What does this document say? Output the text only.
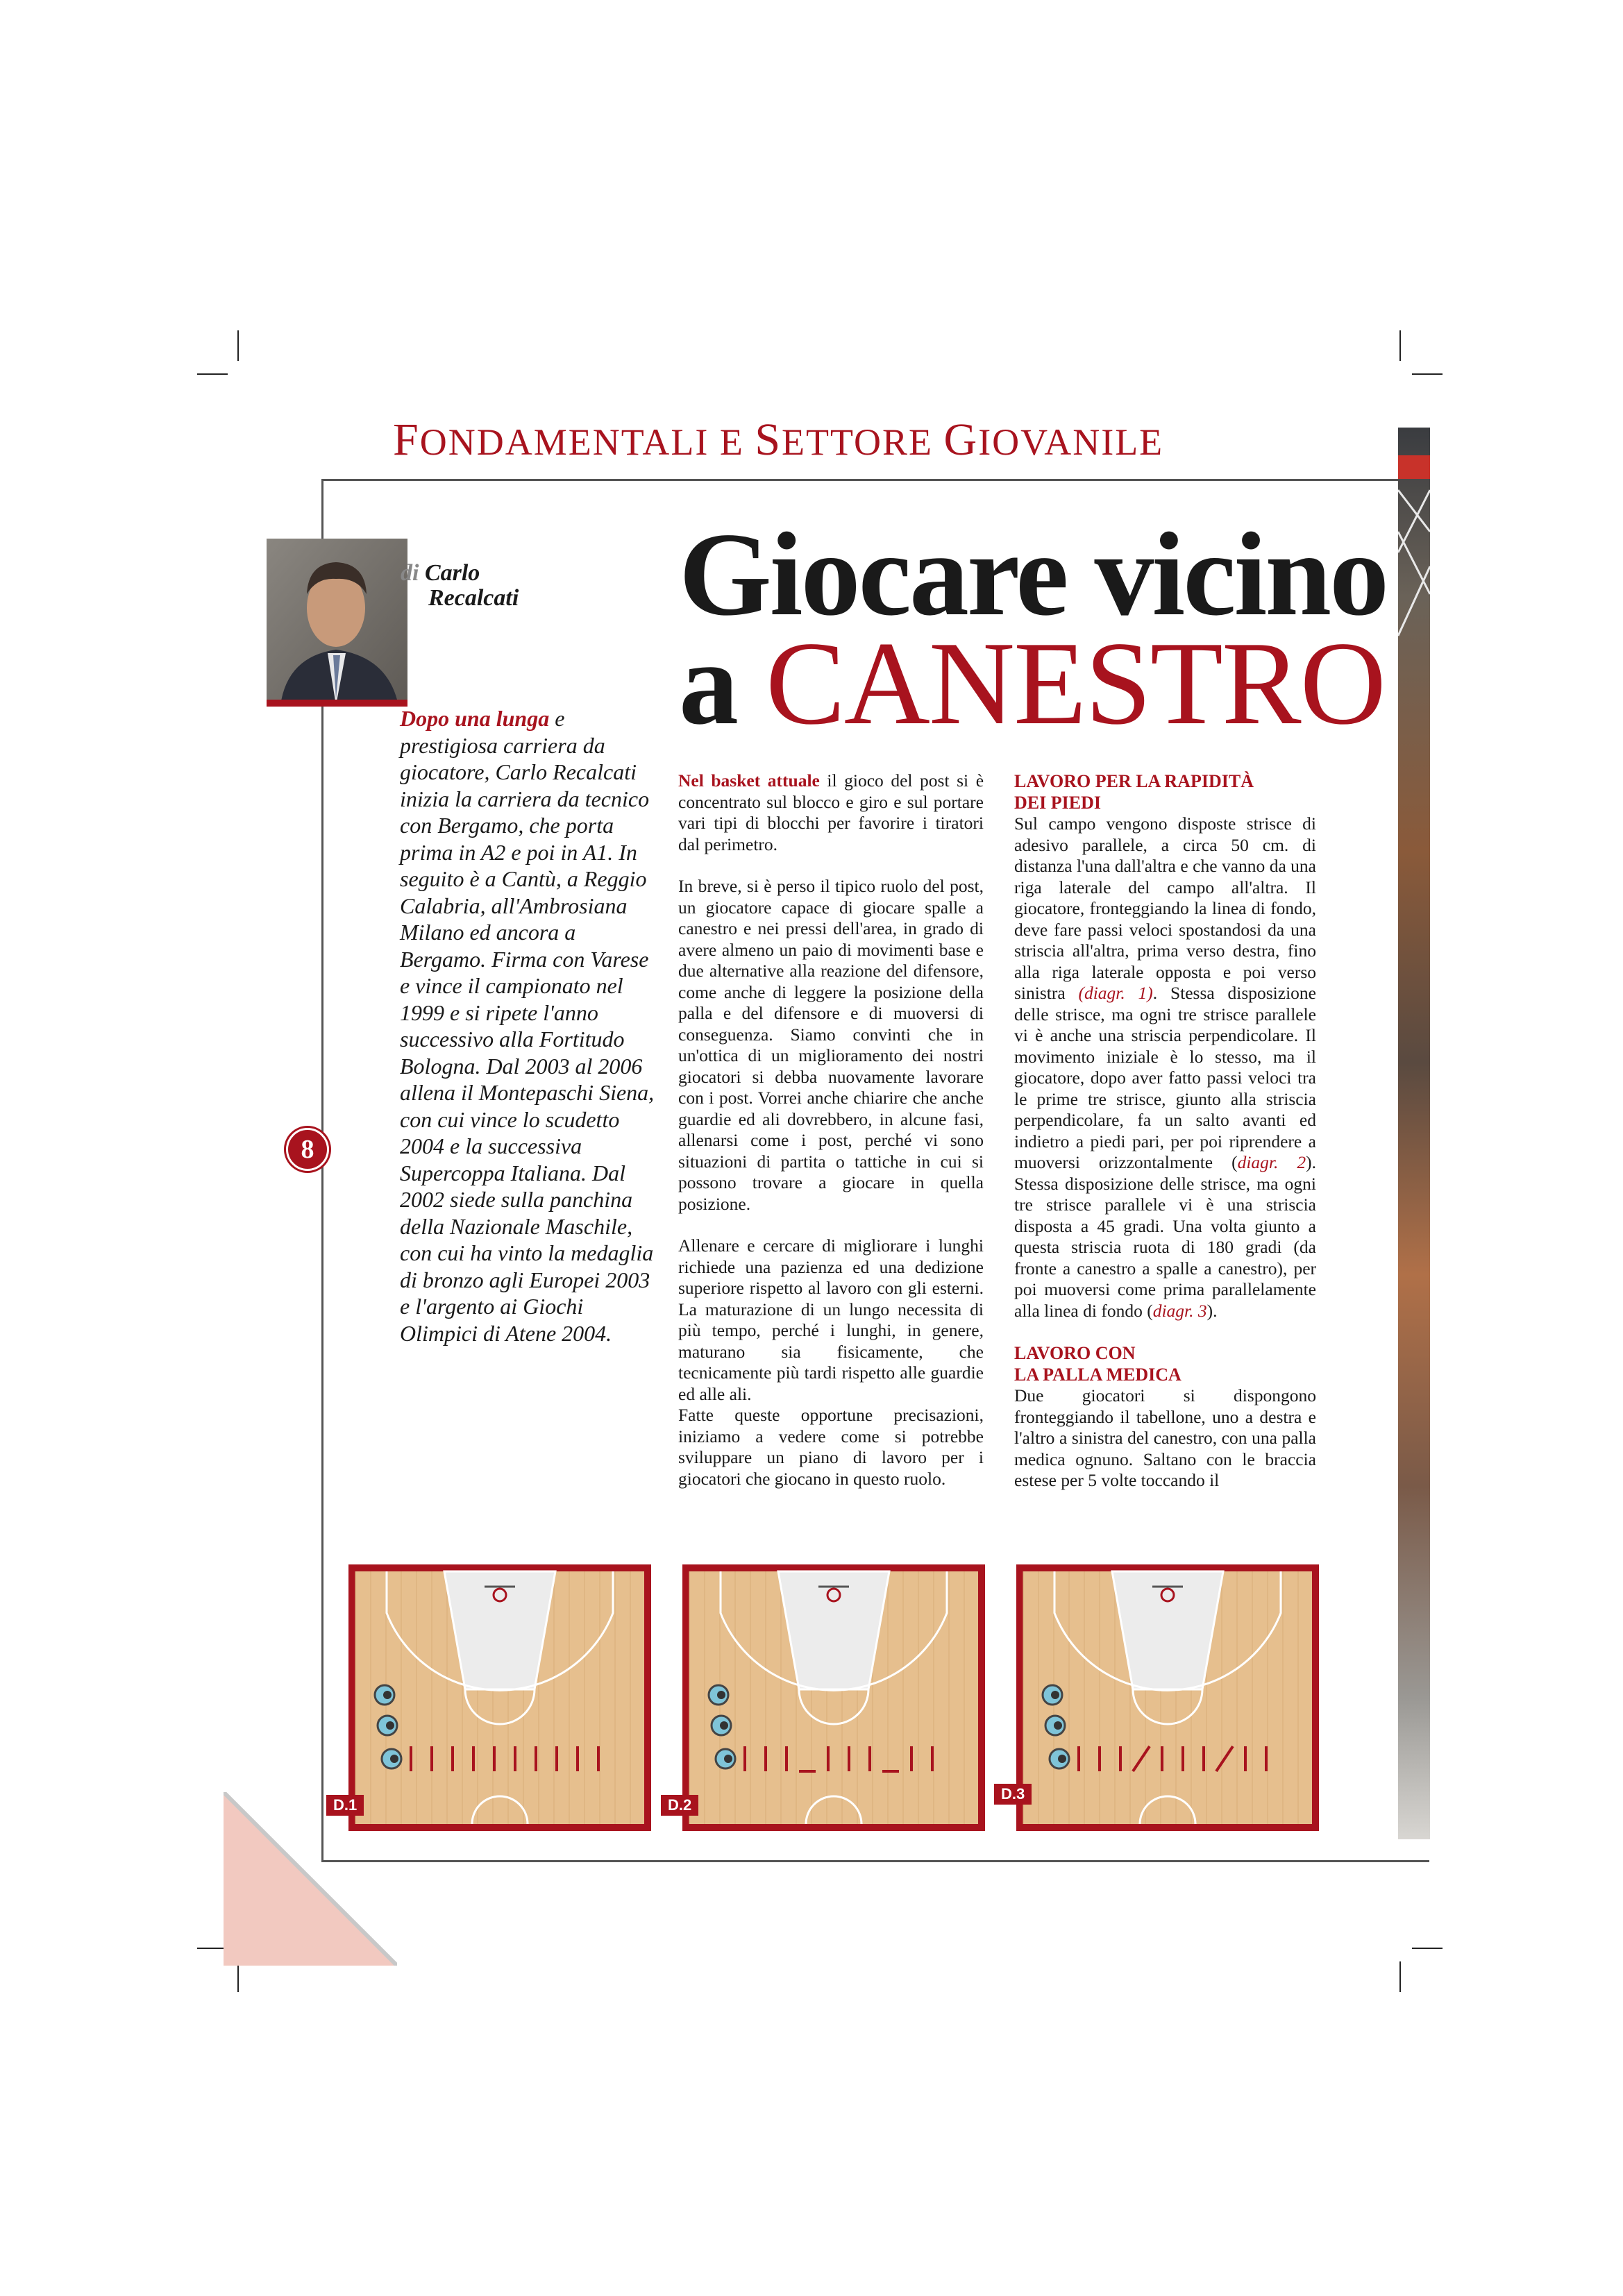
FONDAMENTALI E SETTORE GIOVANILE
di Carlo
Recalcati Giocare vicino
a CANESTRO
Dopo una lunga e prestigiosa carriera da giocatore, Carlo Recalcati inizia la carriera da tecnico con Bergamo, che porta prima in A2 e poi in A1. In seguito è a Cantù, a Reggio Calabria, all'Ambrosiana Milano ed ancora a Bergamo. Firma con Varese e vince il campionato nel 1999 e si ripete l'anno successivo alla Fortitudo Bologna. Dal 2003 al 2006 allena il Montepaschi Siena, con cui vince lo scudetto 2004 e la successiva Supercoppa Italiana. Dal 2002 siede sulla panchina della Nazionale Maschile, con cui ha vinto la medaglia di bronzo agli Europei 2003 e l'argento ai Giochi Olimpici di Atene 2004.
8

Nel basket attuale il gioco del post si è concentrato sul blocco e giro e sul portare vari tipi di blocchi per favorire i tiratori dal perimetro.

In breve, si è perso il tipico ruolo del post, un giocatore capace di giocare spalle a canestro e nei pressi dell'area, in grado di avere almeno un paio di movimenti base e due alternative alla reazione del difensore, come anche di leggere la posizione della palla e del difensore e di muoversi di conseguenza. Siamo convinti che in un'ottica di un miglioramento dei nostri giocatori si debba nuovamente lavorare con i post. Vorrei anche chiarire che anche guardie ed ali dovrebbero, in alcune fasi, allenarsi come i post, perché vi sono situazioni di partita o tattiche in cui si possono trovare a giocare in quella posizione.

Allenare e cercare di migliorare i lunghi richiede una pazienza ed una dedizione superiore rispetto al lavoro con gli esterni. La maturazione di un lungo necessita di più tempo, perché i lunghi, in genere, maturano sia fisicamente, che tecnicamente più tardi rispetto alle guardie ed alle ali.

Fatte queste opportune precisazioni, iniziamo a vedere come si potrebbe sviluppare un piano di lavoro per i giocatori che giocano in questo ruolo.

LAVORO PER LA RAPIDITÀ
DEI PIEDI

Sul campo vengono disposte strisce di adesivo parallele, a circa 50 cm. di distanza l'una dall'altra e che vanno da una riga laterale del campo all'altra. Il giocatore, fronteggiando la linea di fondo, deve fare passi veloci spostandosi da una striscia all'altra, prima verso destra, fino alla riga laterale opposta e poi verso sinistra (diagr. 1). Stessa disposizione delle strisce, ma ogni tre strisce parallele vi è anche una striscia perpendicolare. Il movimento iniziale è lo stesso, ma il giocatore, dopo aver fatto passi veloci tra le prime tre strisce, giunto alla striscia perpendicolare, fa un salto avanti ed indietro a piedi pari, per poi riprendere a muoversi orizzontalmente (diagr. 2). Stessa disposizione delle strisce, ma ogni tre strisce parallele vi è una striscia disposta a 45 gradi. Una volta giunto a questa striscia ruota di 180 gradi (da fronte a canestro a spalle a canestro), per poi muoversi come prima parallelamente alla linea di fondo (diagr. 3).

LAVORO CON
LA PALLA MEDICA

Due giocatori si dispongono fronteggiando il tabellone, uno a destra e l'altro a sinistra del canestro, con una palla medica ognuno. Saltano con le braccia estese per 5 volte toccando il

D.1	D.2
D.3
